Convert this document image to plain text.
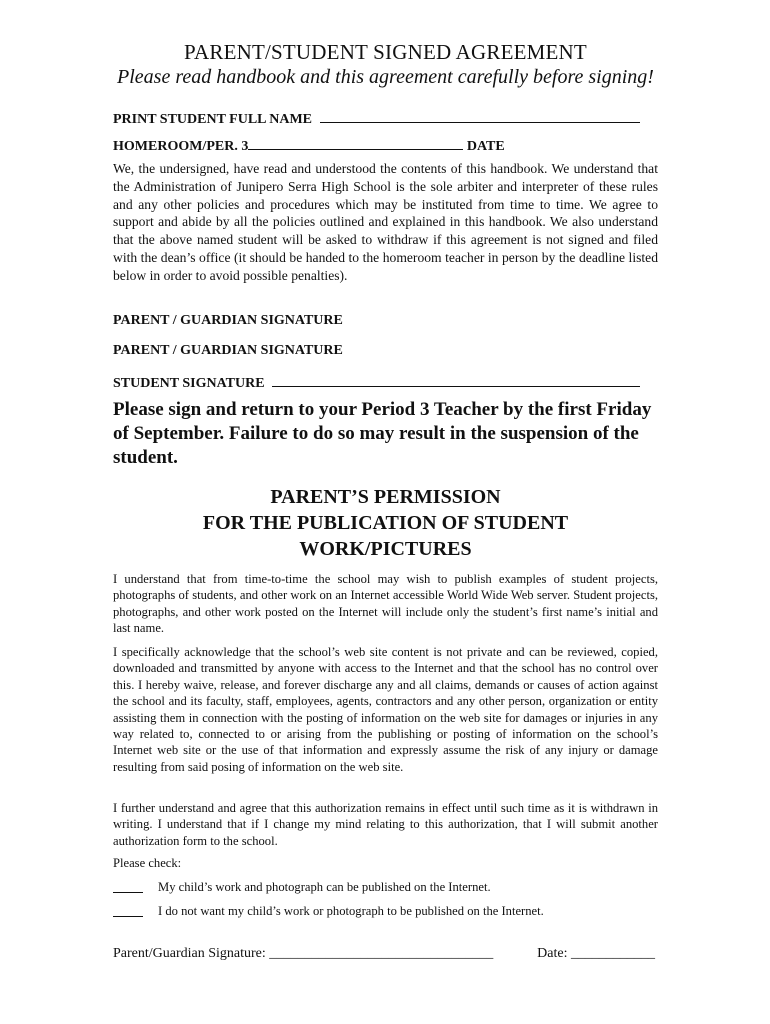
PARENT/STUDENT SIGNED AGREEMENT
Please read handbook and this agreement carefully before signing!
PRINT STUDENT FULL NAME
HOMEROOM/PER. 3	DATE

We, the undersigned, have read and understood the contents of this handbook. We understand that the Administration of Junipero Serra High School is the sole arbiter and interpreter of these rules and any other policies and procedures which may be instituted from time to time. We agree to support and abide by all the policies outlined and explained in this handbook. We also understand that the above named student will be asked to withdraw if this agreement is not signed and filed with the dean’s office (it should be handed to the homeroom teacher in person by the deadline listed below in order to avoid possible penalties).

PARENT / GUARDIAN SIGNATURE
PARENT / GUARDIAN SIGNATURE
STUDENT SIGNATURE

Please sign and return to your Period 3 Teacher by the first Friday of September. Failure to do so may result in the suspension of the student.

PARENT’S PERMISSION
FOR THE PUBLICATION OF STUDENT
WORK/PICTURES

I understand that from time-to-time the school may wish to publish examples of student projects, photographs of students, and other work on an Internet accessible World Wide Web server. Student projects, photographs, and other work posted on the Internet will include only the student’s first name’s initial and last name.

I specifically acknowledge that the school’s web site content is not private and can be reviewed, copied, downloaded and transmitted by anyone with access to the Internet and that the school has no control over this. I hereby waive, release, and forever discharge any and all claims, demands or causes of action against the school and its faculty, staff, employees, agents, contractors and any other person, organization or entity assisting them in connection with the posting of information on the web site for damages or injuries in any way related to, connected to or arising from the publishing or posting of information on the school’s Internet web site or the use of that information and expressly assume the risk of any injury or damage resulting from said posing of information on the web site.

I further understand and agree that this authorization remains in effect until such time as it is withdrawn in writing. I understand that if I change my mind relating to this authorization, that I will submit another authorization form to the school.

Please check:
My child’s work and photograph can be published on the Internet.
I do not want my child’s work or photograph to be published on the Internet.
Parent/Guardian Signature: ________________________________	Date: ____________
